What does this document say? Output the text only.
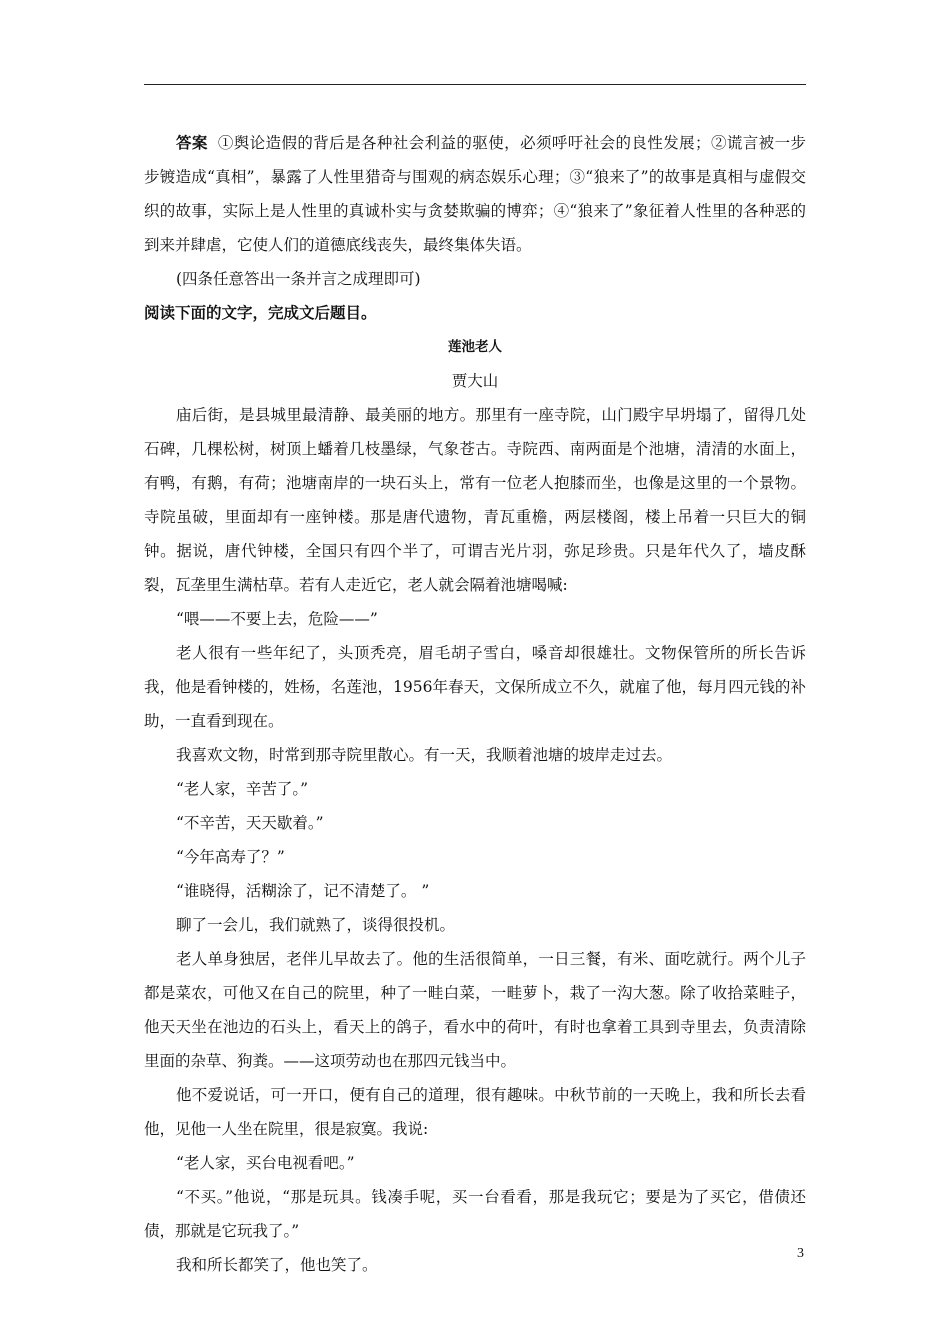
答案 ①舆论造假的背后是各种社会利益的驱使，必须呼吁社会的良性发展；②谎言被一步步镀造成“真相”，暴露了人性里猎奇与围观的病态娱乐心理；③“狼来了”的故事是真相与虚假交织的故事，实际上是人性里的真诚朴实与贪婪欺骗的博弈；④“狼来了”象征着人性里的各种恶的到来并肆虐，它使人们的道德底线丧失，最终集体失语。

(四条任意答出一条并言之成理即可)

阅读下面的文字，完成文后题目。

莲池老人

贾大山

庙后街，是县城里最清静、最美丽的地方。那里有一座寺院，山门殿宇早坍塌了，留得几处石碑，几棵松树，树顶上蟠着几枝墨绿，气象苍古。寺院西、南两面是个池塘，清清的水面上，有鸭，有鹅，有荷；池塘南岸的一块石头上，常有一位老人抱膝而坐，也像是这里的一个景物。寺院虽破，里面却有一座钟楼。那是唐代遗物，青瓦重檐，两层楼阁，楼上吊着一只巨大的铜钟。据说，唐代钟楼，全国只有四个半了，可谓吉光片羽，弥足珍贵。只是年代久了，墙皮酥裂，瓦垄里生满枯草。若有人走近它，老人就会隔着池塘喝喊:

“喂——不要上去，危险——”

老人很有一些年纪了，头顶秃亮，眉毛胡子雪白，嗓音却很雄壮。文物保管所的所长告诉我，他是看钟楼的，姓杨，名莲池，1956年春天，文保所成立不久，就雇了他，每月四元钱的补助，一直看到现在。

我喜欢文物，时常到那寺院里散心。有一天，我顺着池塘的坡岸走过去。

“老人家，辛苦了。”

“不辛苦，天天歇着。”

“今年高寿了？”

“谁晓得，活糊涂了，记不清楚了。 ”

聊了一会儿，我们就熟了，谈得很投机。

老人单身独居，老伴儿早故去了。他的生活很简单，一日三餐，有米、面吃就行。两个儿子都是菜农，可他又在自己的院里，种了一畦白菜，一畦萝卜，栽了一沟大葱。除了收拾菜畦子，他天天坐在池边的石头上，看天上的鸽子，看水中的荷叶，有时也拿着工具到寺里去，负责清除里面的杂草、狗粪。——这项劳动也在那四元钱当中。

他不爱说话，可一开口，便有自己的道理，很有趣味。中秋节前的一天晚上，我和所长去看他，见他一人坐在院里，很是寂寞。我说:

“老人家，买台电视看吧。”

“不买。”他说，“那是玩具。钱凑手呢，买一台看看，那是我玩它；要是为了买它，借债还债，那就是它玩我了。”

我和所长都笑了，他也笑了。

3
